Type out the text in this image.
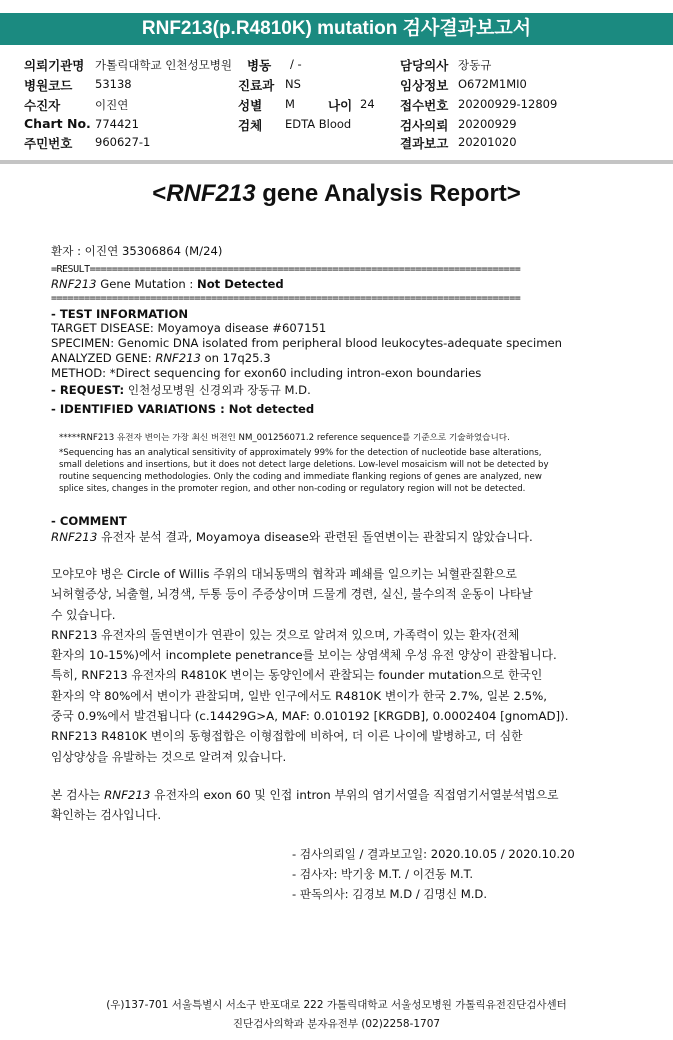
RNF213(p.R4810K) mutation 검사결과보고서
의뢰기관명 가톨릭대학교 인천성모병원 병동 / -	담당의사 장동규
병원코드 53138	진료과 NS	임상정보 O672M1MI0
수진자	이진연	성별 M	나이 24 접수번호 20200929-12809
Chart No. 774421	검체 EDTA Blood	검사의뢰 20200929
주민번호 960627-1	결과보고 20201020
<RNF213 gene Analysis Report>
환자 : 이진연 35306864 (M/24)
=RESULT==============================================================================
RNF213 Gene Mutation : Not Detected
=====================================================================================
- TEST INFORMATION
TARGET DISEASE: Moyamoya disease #607151
SPECIMEN: Genomic DNA isolated from peripheral blood leukocytes-adequate specimen
ANALYZED GENE: RNF213 on 17q25.3
METHOD: *Direct sequencing for exon60 including intron-exon boundaries
- REQUEST: 인천성모병원 신경외과 장동규 M.D.
- IDENTIFIED VARIATIONS : Not detected
*****RNF213 유전자 변이는 가장 최신 버전인 NM_001256071.2 reference sequence를 기준으로 기술하였습니다.
*Sequencing has an analytical sensitivity of approximately 99% for the detection of nucleotide base alterations,
small deletions and insertions, but it does not detect large deletions. Low-level mosaicism will not be detected by
routine sequencing methodologies. Only the coding and immediate flanking regions of genes are analyzed, new
splice sites, changes in the promoter region, and other non-coding or regulatory region will not be detected.
- COMMENT
RNF213 유전자 분석 결과, Moyamoya disease와 관련된 돌연변이는 관찰되지 않았습니다.
모야모야 병은 Circle of Willis 주위의 대뇌동맥의 협착과 폐쇄를 일으키는 뇌혈관질환으로
뇌허혈증상, 뇌출혈, 뇌경색, 두통 등이 주증상이며 드물게 경련, 실신, 불수의적 운동이 나타날
수 있습니다.
RNF213 유전자의 돌연변이가 연관이 있는 것으로 알려져 있으며, 가족력이 있는 환자(전체
환자의 10-15%)에서 incomplete penetrance를 보이는 상염색체 우성 유전 양상이 관찰됩니다.
특히, RNF213 유전자의 R4810K 변이는 동양인에서 관찰되는 founder mutation으로 한국인
환자의 약 80%에서 변이가 관찰되며, 일반 인구에서도 R4810K 변이가 한국 2.7%, 일본 2.5%,
중국 0.9%에서 발견됩니다 (c.14429G>A, MAF: 0.010192 [KRGDB], 0.0002404 [gnomAD]).
RNF213 R4810K 변이의 동형접합은 이형접합에 비하여, 더 이른 나이에 발병하고, 더 심한
임상양상을 유발하는 것으로 알려져 있습니다.
본 검사는 RNF213 유전자의 exon 60 및 인접 intron 부위의 염기서열을 직접염기서열분석법으로
확인하는 검사입니다.
- 검사의뢰일 / 결과보고일: 2020.10.05 / 2020.10.20
- 검사자: 박기웅 M.T. / 이건동 M.T.
- 판독의사: 김경보 M.D / 김명신 M.D.
(우)137-701 서울특별시 서소구 반포대로 222 가톨릭대학교 서울성모병원 가톨릭유전진단검사센터
진단검사의학과 분자유전부 (02)2258-1707
